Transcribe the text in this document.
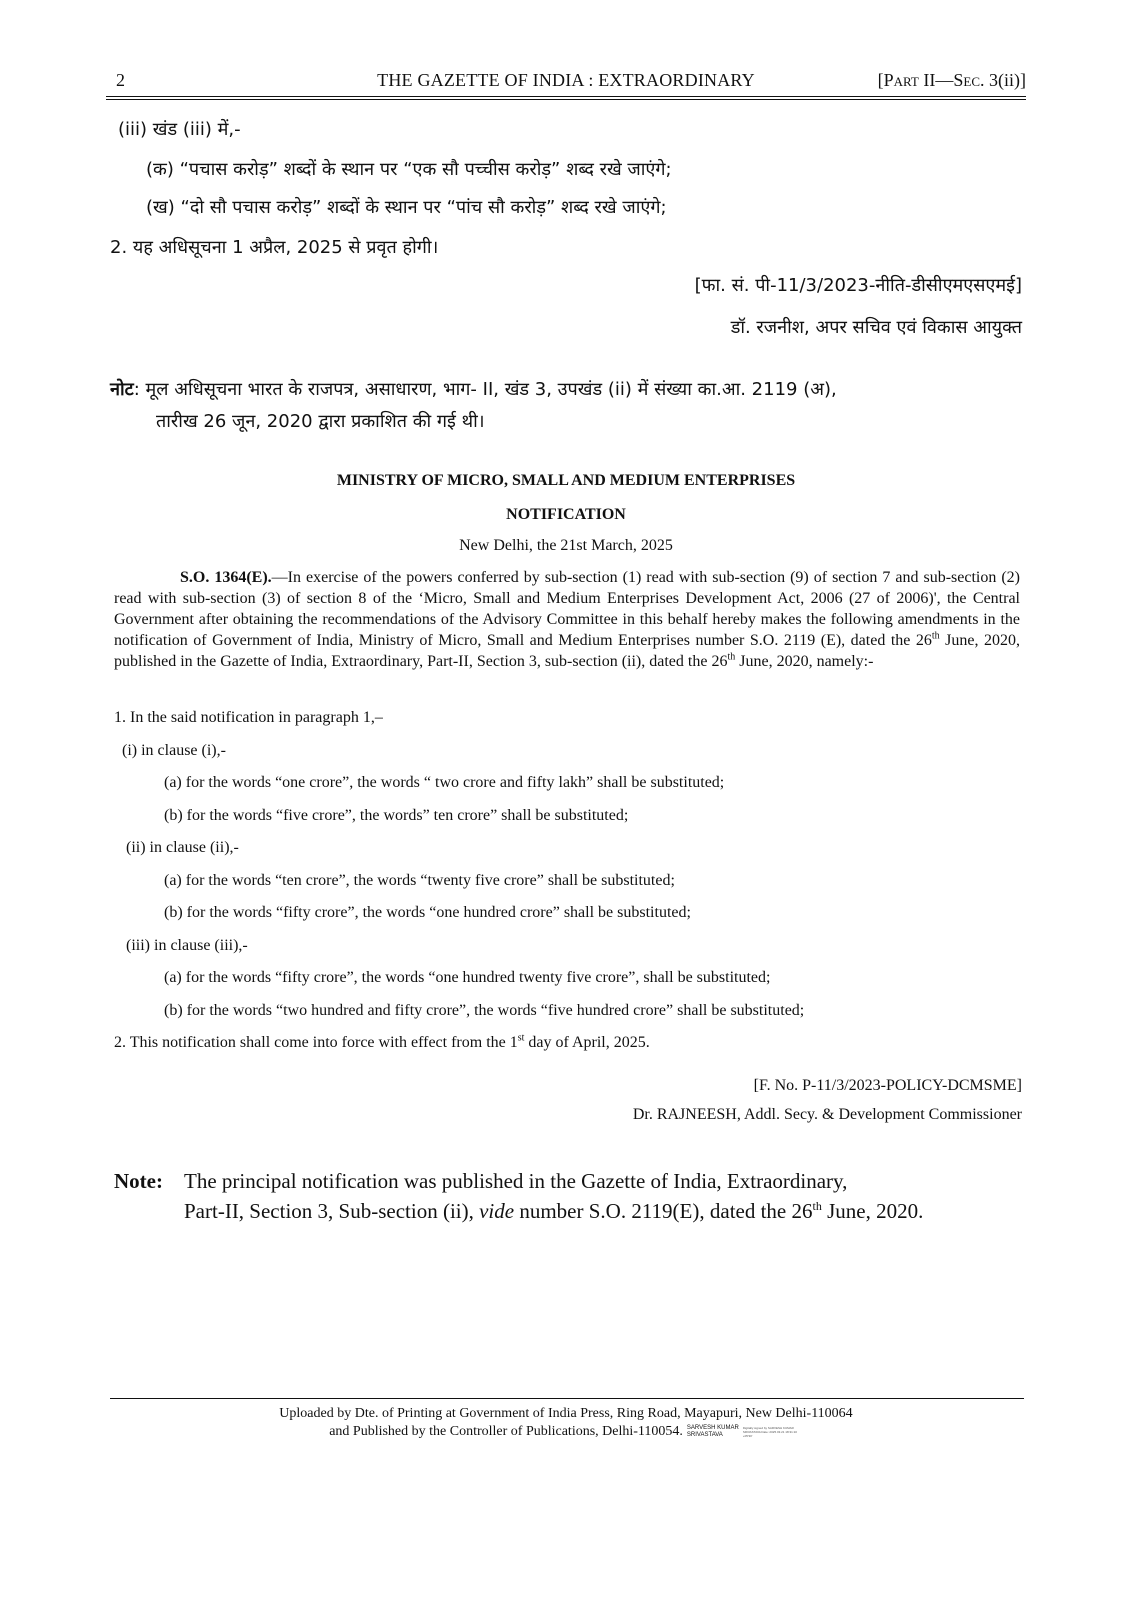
2	THE GAZETTE OF INDIA : EXTRAORDINARY	[Part II—Sec. 3(ii)]
(iii) खंड (iii) में,-
(क) “पचास करोड़” शब्दों के स्थान पर “एक सौ पच्चीस करोड़” शब्द रखे जाएंगे;
(ख) “दो सौ पचास करोड़” शब्दों के स्थान पर “पांच सौ करोड़” शब्द रखे जाएंगे;
2. यह अधिसूचना 1 अप्रैल, 2025 से प्रवृत होगी।
[फा. सं. पी-11/3/2023-नीति-डीसीएमएसएमई]
डॉ. रजनीश, अपर सचिव एवं विकास आयुक्त
नोट: मूल अधिसूचना भारत के राजपत्र, असाधारण, भाग- II, खंड 3, उपखंड (ii) में संख्या का.आ. 2119 (अ),
तारीख 26 जून, 2020 द्वारा प्रकाशित की गई थी।
MINISTRY OF MICRO, SMALL AND MEDIUM ENTERPRISES
NOTIFICATION
New Delhi, the 21st March, 2025
S.O. 1364(E).—In exercise of the powers conferred by sub-section (1) read with sub-section (9) of section 7 and sub-section (2) read with sub-section (3) of section 8 of the ‘Micro, Small and Medium Enterprises Development Act, 2006 (27 of 2006)', the Central Government after obtaining the recommendations of the Advisory Committee in this behalf hereby makes the following amendments in the notification of Government of India, Ministry of Micro, Small and Medium Enterprises number S.O. 2119 (E), dated the 26th June, 2020, published in the Gazette of India, Extraordinary, Part-II, Section 3, sub-section (ii), dated the 26th June, 2020, namely:-
1. In the said notification in paragraph 1,–
(i) in clause (i),-
(a) for the words “one crore”, the words “ two crore and fifty lakh” shall be substituted;
(b) for the words “five crore”, the words” ten crore” shall be substituted;
(ii) in clause (ii),-
(a) for the words “ten crore”, the words “twenty five crore” shall be substituted;
(b) for the words “fifty crore”, the words “one hundred crore” shall be substituted;
(iii) in clause (iii),-
(a) for the words “fifty crore”, the words “one hundred twenty five crore”, shall be substituted;
(b) for the words “two hundred and fifty crore”, the words “five hundred crore” shall be substituted;
2. This notification shall come into force with effect from the 1st day of April, 2025.
[F. No. P-11/3/2023-POLICY-DCMSME]
Dr. RAJNEESH, Addl. Secy. & Development Commissioner
Note: The principal notification was published in the Gazette of India, Extraordinary,
Part-II, Section 3, Sub-section (ii), vide number S.O. 2119(E), dated the 26th June, 2020.
Uploaded by Dte. of Printing at Government of India Press, Ring Road, Mayapuri, New Delhi-110064
and Published by the Controller of Publications, Delhi-110054. SARVESH KUMAR
SRIVASTAVADigitally signed by SARVESH KUMAR SRIVASTAVA Date: 2025.03.21 18:31:10 +05'30'
